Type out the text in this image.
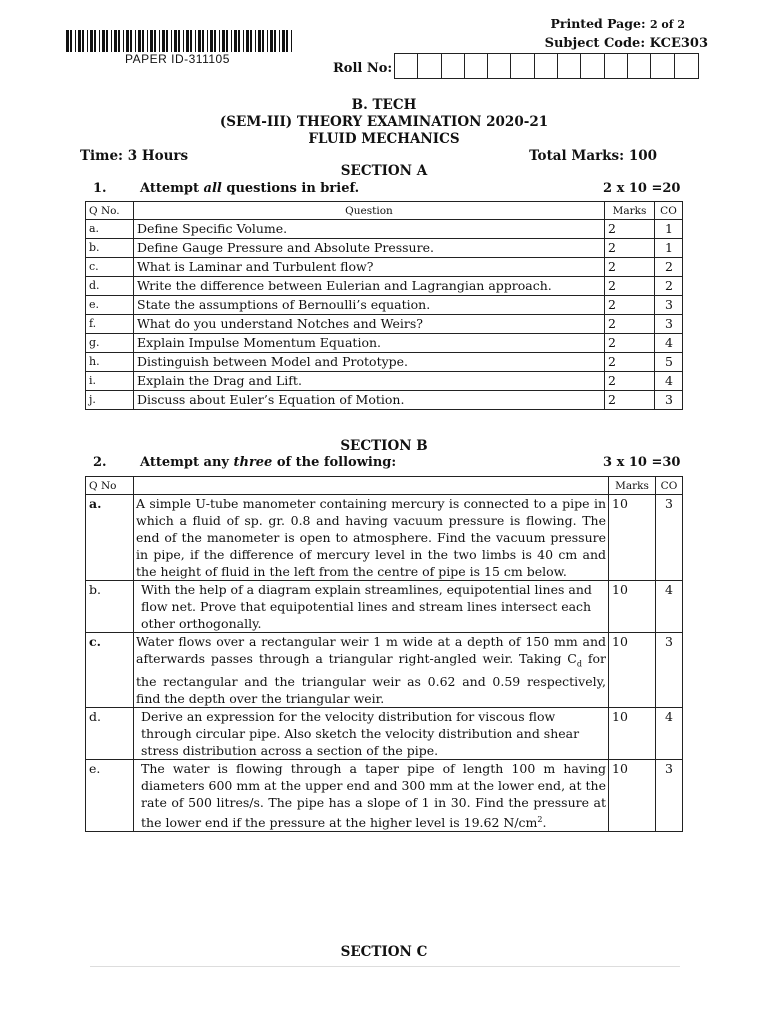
PAPER ID-311105
Printed Page: 2 of 2
Subject Code: KCE303
Roll No:
B. TECH
(SEM-III) THEORY EXAMINATION 2020-21
FLUID MECHANICS
Time: 3 Hours	Total Marks: 100
SECTION A
1.	Attempt all questions in brief.	2 x 10 =20
Q No.	Question	Marks	CO
a.	Define Specific Volume.	2	1
b.	Define Gauge Pressure and Absolute Pressure.	2	1
c.	What is Laminar and Turbulent flow?	2	2
d.	Write the difference between Eulerian and Lagrangian approach.	2	2
e.	State the assumptions of Bernoulli’s equation.	2	3
f.	What do you understand Notches and Weirs?	2	3
g.	Explain Impulse Momentum Equation.	2	4
h.	Distinguish between Model and Prototype.	2	5
i.	Explain the Drag and Lift.	2	4
j.	Discuss about Euler’s Equation of Motion.	2	3
SECTION B
2.	Attempt any three of the following:	3 x 10 =30
Q No		Marks	CO
a.	A simple U-tube manometer containing mercury is connected to a pipe in which a fluid of sp. gr. 0.8 and having vacuum pressure is flowing. The end of the manometer is open to atmosphere. Find the vacuum pressure in pipe, if the difference of mercury level in the two limbs is 40 cm and the height of fluid in the left from the centre of pipe is 15 cm below.	10	3
b.	With the help of a diagram explain streamlines, equipotential lines and flow net. Prove that equipotential lines and stream lines intersect each other orthogonally.	10	4
c.	Water flows over a rectangular weir 1 m wide at a depth of 150 mm and afterwards passes through a triangular right-angled weir. Taking $C_d$ for the rectangular and the triangular weir as 0.62 and 0.59 respectively, find the depth over the triangular weir.	10	3
d.	Derive an expression for the velocity distribution for viscous flow through circular pipe. Also sketch the velocity distribution and shear stress distribution across a section of the pipe.	10	4
e.	The water is flowing through a taper pipe of length 100 m having
diameters 600 mm at the upper end and 300 mm at the lower end, at the rate of 500 litres/s. The pipe has a slope of 1 in 30. Find the pressure at the lower end if the pressure at the higher level is 19.62 $N/cm^2$.	10	3
SECTION C
